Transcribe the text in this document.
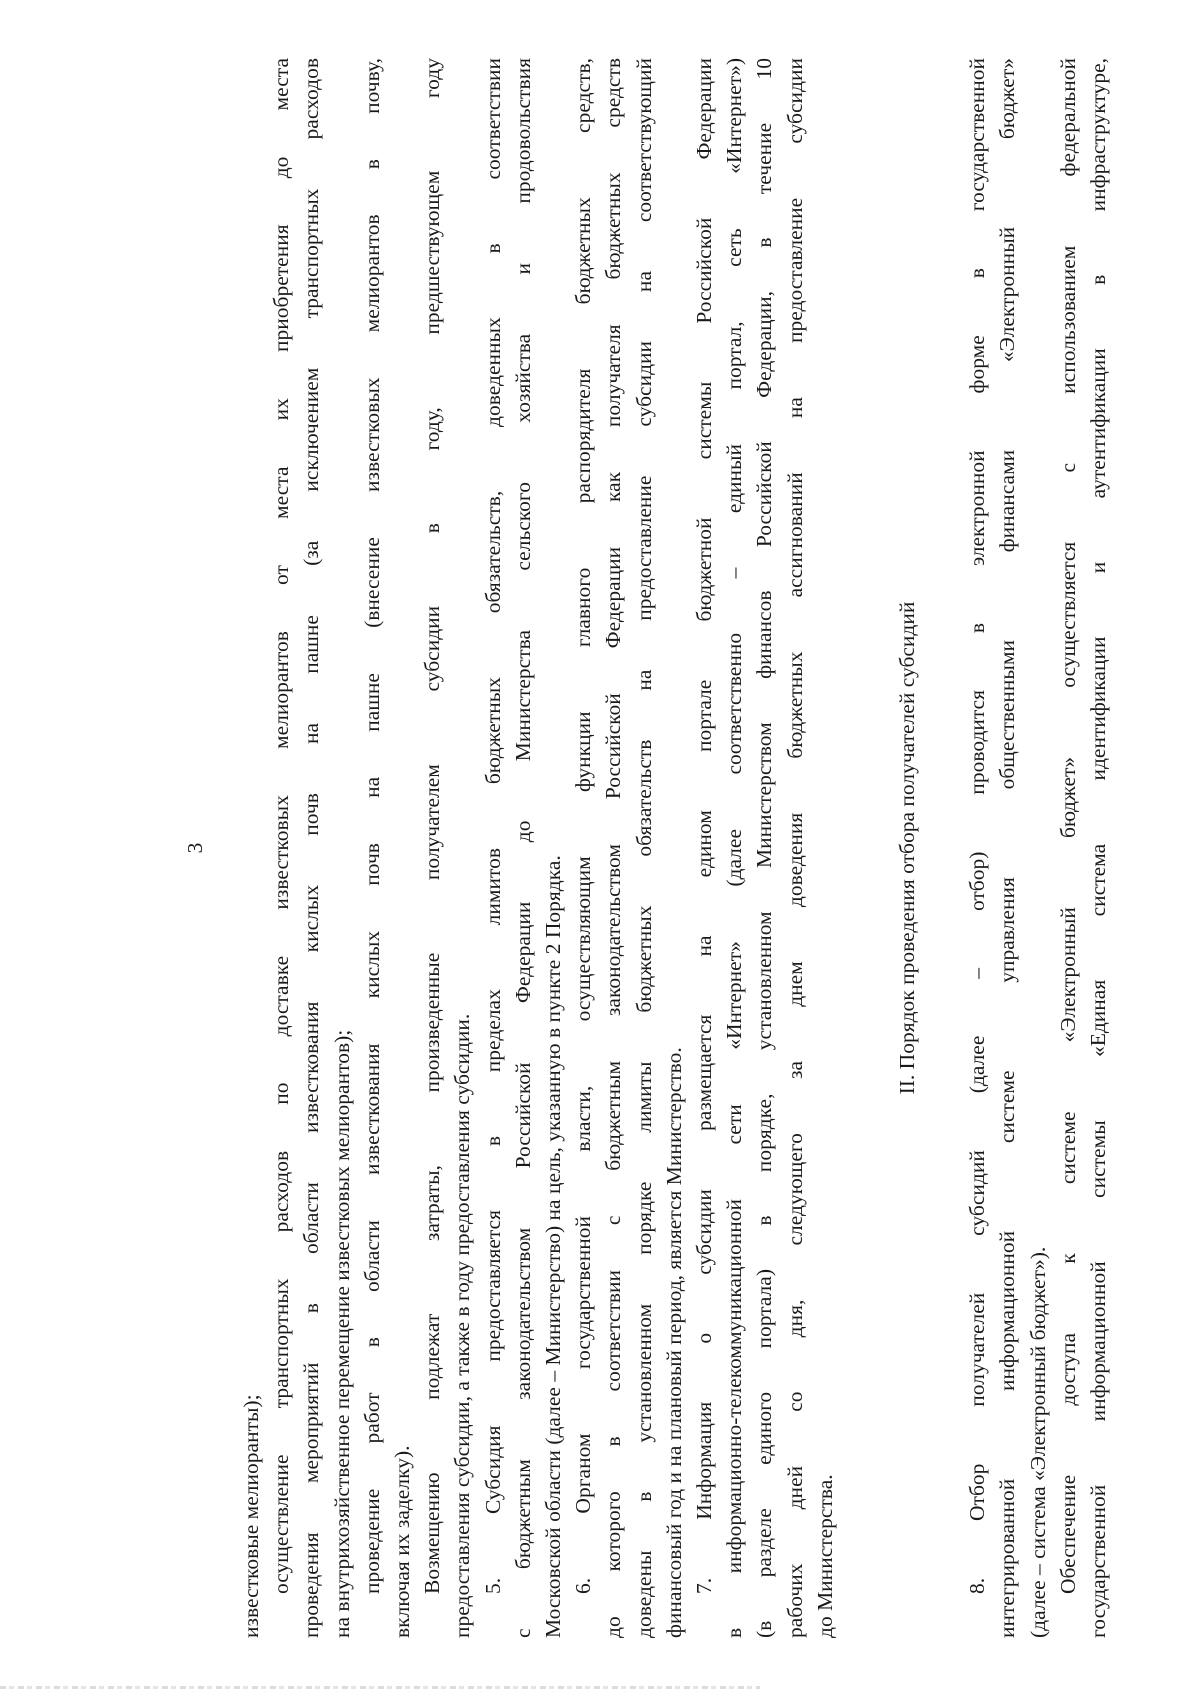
3
известковые мелиоранты); осуществление транспортных расходов по доставке известковых мелиорантов от места их приобретения до места проведения мероприятий в области известкования кислых почв на пашне (за исключением транспортных расходов на внутрихозяйственное перемещение известковых мелиорантов); проведение работ в области известкования кислых почв на пашне (внесение известковых мелиорантов в почву, включая их заделку). Возмещению подлежат затраты, произведенные получателем субсидии в году, предшествующем году предоставления субсидии, а также в году предоставления субсидии. 5. Субсидия предоставляется в пределах лимитов бюджетных обязательств, доведенных в соответствии с бюджетным законодательством Российской Федерации до Министерства сельского хозяйства и продовольствия Московской области (далее – Министерство) на цель, указанную в пункте 2 Порядка. 6. Органом государственной власти, осуществляющим функции главного распорядителя бюджетных средств, до которого в соответствии с бюджетным законодательством Российской Федерации как получателя бюджетных средств доведены в установленном порядке лимиты бюджетных обязательств на предоставление субсидии на соответствующий финансовый год и на плановый период, является Министерство. 7. Информация о субсидии размещается на едином портале бюджетной системы Российской Федерации в информационно-телекоммуникационной сети «Интернет» (далее соответственно – единый портал, сеть «Интернет») (в разделе единого портала) в порядке, установленном Министерством финансов Российской Федерации, в течение 10 рабочих дней со дня, следующего за днем доведения бюджетных ассигнований на предоставление субсидии до Министерства.
II. Порядок проведения отбора получателей субсидий 8. Отбор получателей субсидий (далее – отбор) проводится в электронной форме в государственной интегрированной информационной системе управления общественными финансами «Электронный бюджет» (далее – система «Электронный бюджет»). Обеспечение доступа к системе «Электронный бюджет» осуществляется с использованием федеральной государственной информационной системы «Единая система идентификации и аутентификации в инфраструктуре,
